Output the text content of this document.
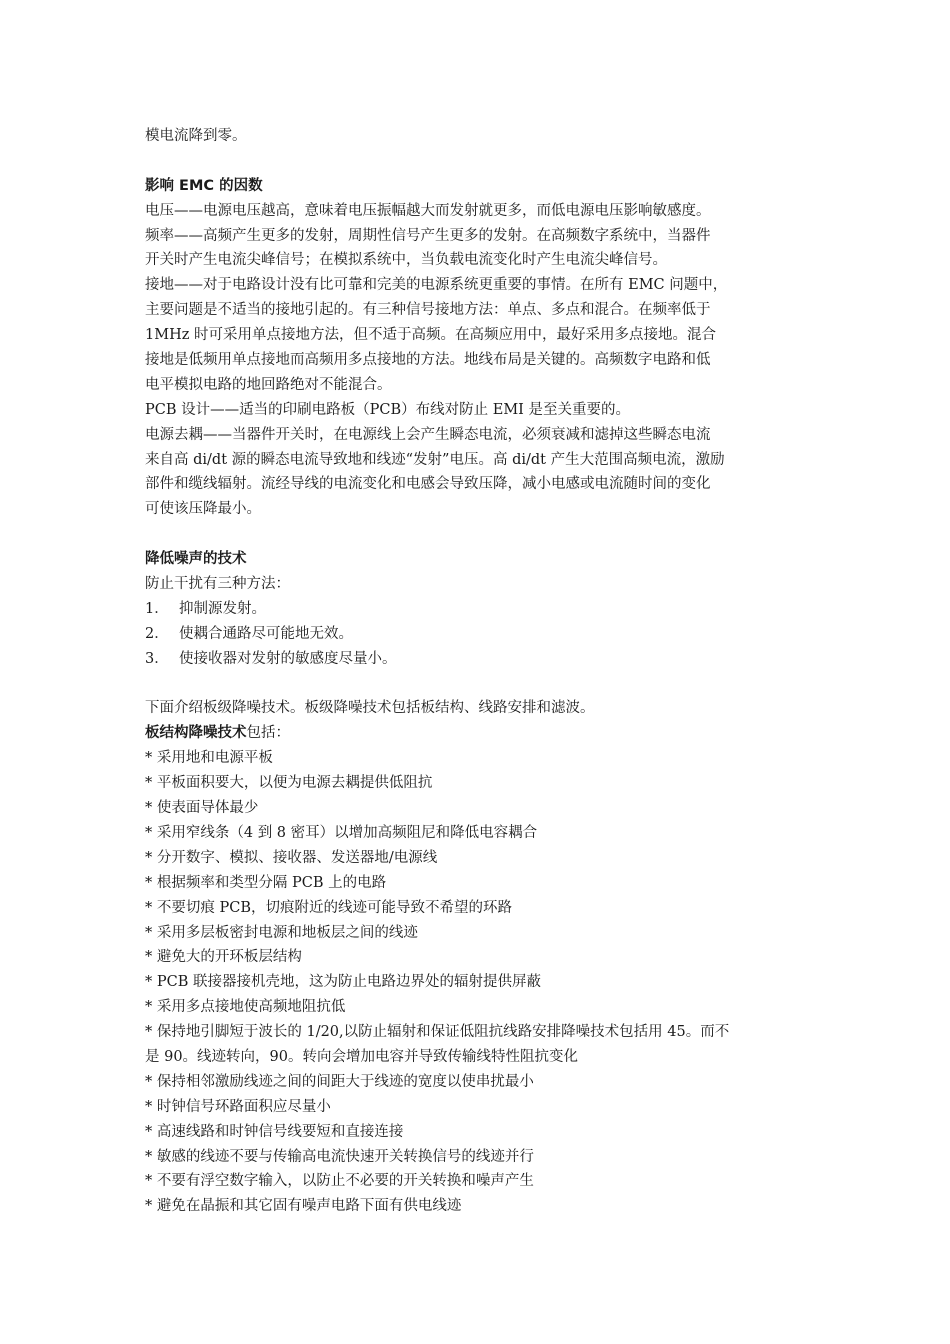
模电流降到零。
影响 EMC 的因数
电压——电源电压越高，意味着电压振幅越大而发射就更多，而低电源电压影响敏感度。
频率——高频产生更多的发射，周期性信号产生更多的发射。在高频数字系统中，当器件
开关时产生电流尖峰信号；在模拟系统中，当负载电流变化时产生电流尖峰信号。
接地——对于电路设计没有比可靠和完美的电源系统更重要的事情。在所有 EMC 问题中，
主要问题是不适当的接地引起的。有三种信号接地方法：单点、多点和混合。在频率低于
1MHz 时可采用单点接地方法，但不适于高频。在高频应用中，最好采用多点接地。混合
接地是低频用单点接地而高频用多点接地的方法。地线布局是关键的。高频数字电路和低
电平模拟电路的地回路绝对不能混合。
PCB 设计——适当的印刷电路板（PCB）布线对防止 EMI 是至关重要的。
电源去耦——当器件开关时，在电源线上会产生瞬态电流，必须衰减和滤掉这些瞬态电流
来自高 di/dt 源的瞬态电流导致地和线迹“发射”电压。高 di/dt 产生大范围高频电流，激励
部件和缆线辐射。流经导线的电流变化和电感会导致压降，减小电感或电流随时间的变化
可使该压降最小。
降低噪声的技术
防止干扰有三种方法：
1． 抑制源发射。
2． 使耦合通路尽可能地无效。
3． 使接收器对发射的敏感度尽量小。
下面介绍板级降噪技术。板级降噪技术包括板结构、线路安排和滤波。
板结构降噪技术包括：
* 采用地和电源平板
* 平板面积要大，以便为电源去耦提供低阻抗
* 使表面导体最少
* 采用窄线条（4 到 8 密耳）以增加高频阻尼和降低电容耦合
* 分开数字、模拟、接收器、发送器地/电源线
* 根据频率和类型分隔 PCB 上的电路
* 不要切痕 PCB，切痕附近的线迹可能导致不希望的环路
* 采用多层板密封电源和地板层之间的线迹
* 避免大的开环板层结构
* PCB 联接器接机壳地，这为防止电路边界处的辐射提供屏蔽
* 采用多点接地使高频地阻抗低
* 保持地引脚短于波长的 1/20,以防止辐射和保证低阻抗线路安排降噪技术包括用 45。而不
是 90。线迹转向，90。转向会增加电容并导致传输线特性阻抗变化
* 保持相邻激励线迹之间的间距大于线迹的宽度以使串扰最小
* 时钟信号环路面积应尽量小
* 高速线路和时钟信号线要短和直接连接
* 敏感的线迹不要与传输高电流快速开关转换信号的线迹并行
* 不要有浮空数字输入，以防止不必要的开关转换和噪声产生
* 避免在晶振和其它固有噪声电路下面有供电线迹
